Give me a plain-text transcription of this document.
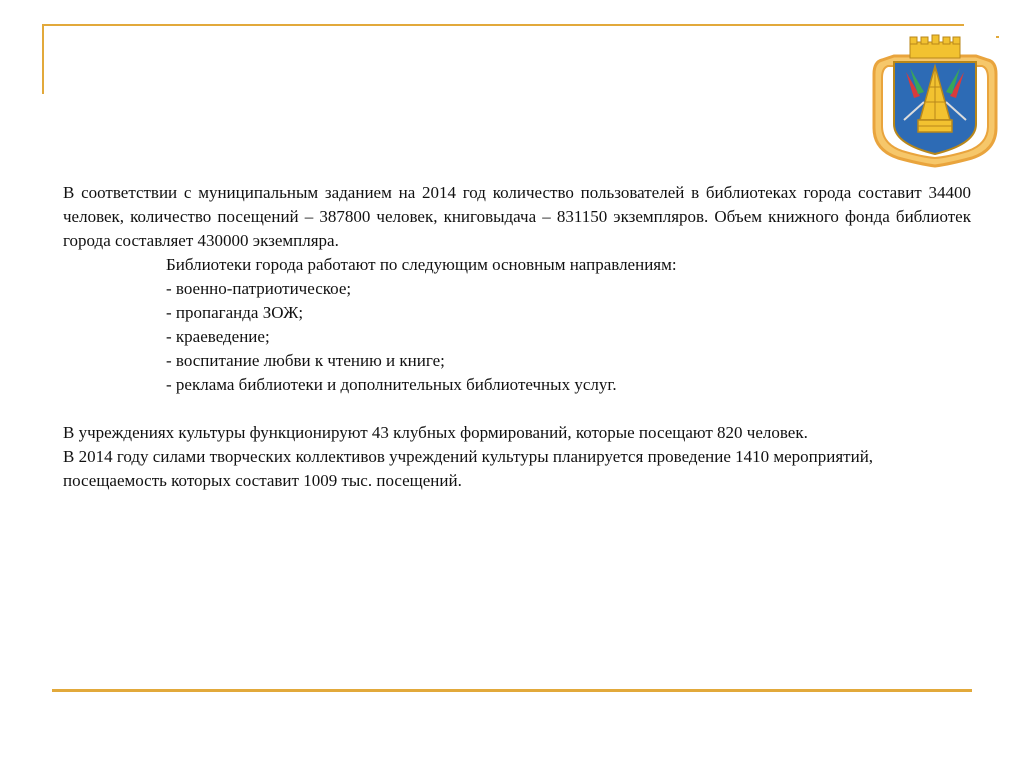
В соответствии с муниципальным заданием на 2014 год количество пользователей в библиотеках города составит 34400 человек, количество посещений – 387800 человек, книговыдача – 831150 экземпляров. Объем книжного фонда библиотек города составляет 430000 экземпляра.

Библиотеки города работают по следующим основным направлениям:

- военно-патриотическое;

- пропаганда ЗОЖ;

- краеведение;

- воспитание любви к чтению и книге;

- реклама библиотеки и дополнительных библиотечных услуг.

В учреждениях культуры функционируют 43 клубных формирований, которые посещают 820 человек.

В 2014 году силами творческих коллективов учреждений культуры планируется проведение 1410 мероприятий, посещаемость которых составит 1009 тыс. посещений.
